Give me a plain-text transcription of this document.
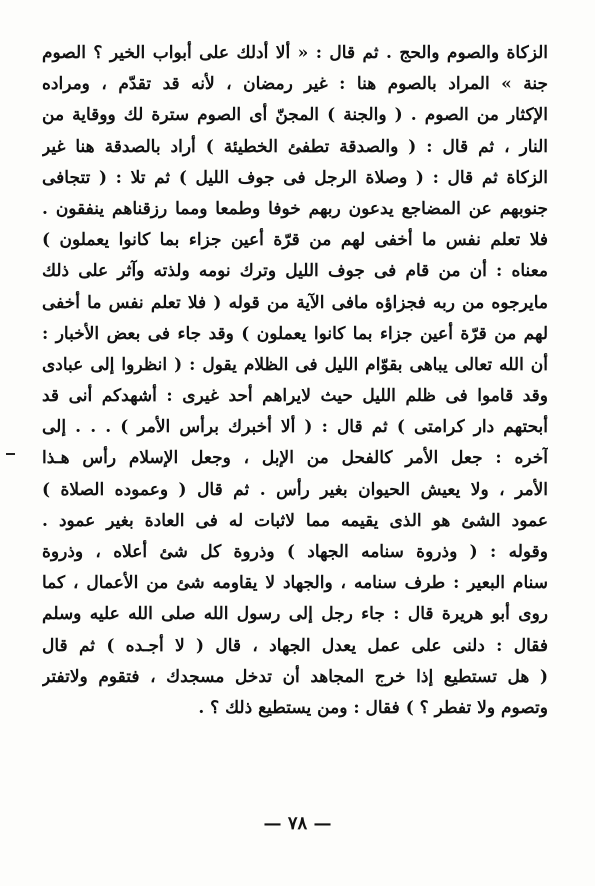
الزكاة والصوم والحج . ثم قال : « ألا أدلك على أبواب الخير ؟ الصوم
جنة » المراد بالصوم هنا : غير رمضان ، لأنه قد تقدّم ، ومراده
الإكثار من الصوم . ( والجنة ) المجنّ أى الصوم سترة لك ووقاية من
النار ، ثم قال : ( والصدقة تطفئ الخطيئة ) أراد بالصدقة هنا غير
الزكاة ثم قال : ( وصلاة الرجل فى جوف الليل ) ثم تلا : ( تتجافى
جنوبهم عن المضاجع يدعون ربهم خوفا وطمعا ومما رزقناهم ينفقون .
فلا تعلم نفس ما أخفى لهم من قرّة أعين جزاء بما كانوا يعملون )
معناه : أن من قام فى جوف الليل وترك نومه ولذته وآثر على ذلك
مايرجوه من ربه فجزاؤه مافى الآية من قوله ( فلا تعلم نفس ما أخفى
لهم من قرّة أعين جزاء بما كانوا يعملون ) وقد جاء فى بعض الأخبار :
أن الله تعالى يباهى بقوّام الليل فى الظلام يقول : ( انظروا إلى عبادى
وقد قاموا فى ظلم الليل حيث لايراهم أحد غيرى : أشهدكم أنى قد
أبحتهم دار كرامتى ) ثم قال : ( ألا أخبرك برأس الأمر ) . . . إلى
آخره : جعل الأمر كالفحل من الإبل ، وجعل الإسلام رأس هـذا
الأمر ، ولا يعيش الحيوان بغير رأس . ثم قال ( وعموده الصلاة )
عمود الشئ هو الذى يقيمه مما لاثبات له فى العادة بغير عمود .
وقوله : ( وذروة سنامه الجهاد ) وذروة كل شئ أعلاه ، وذروة
سنام البعير : طرف سنامه ، والجهاد لا يقاومه شئ من الأعمال ، كما
روى أبو هريرة قال : جاء رجل إلى رسول الله صلى الله عليه وسلم
فقال : دلنى على عمل يعدل الجهاد ، قال ( لا أجـده ) ثم قال
( هل تستطيع إذا خرج المجاهد أن تدخل مسجدك ، فتقوم ولاتفتر
وتصوم ولا تفطر ؟ ) فقال : ومن يستطيع ذلك ؟ .
— ٧٨ —
